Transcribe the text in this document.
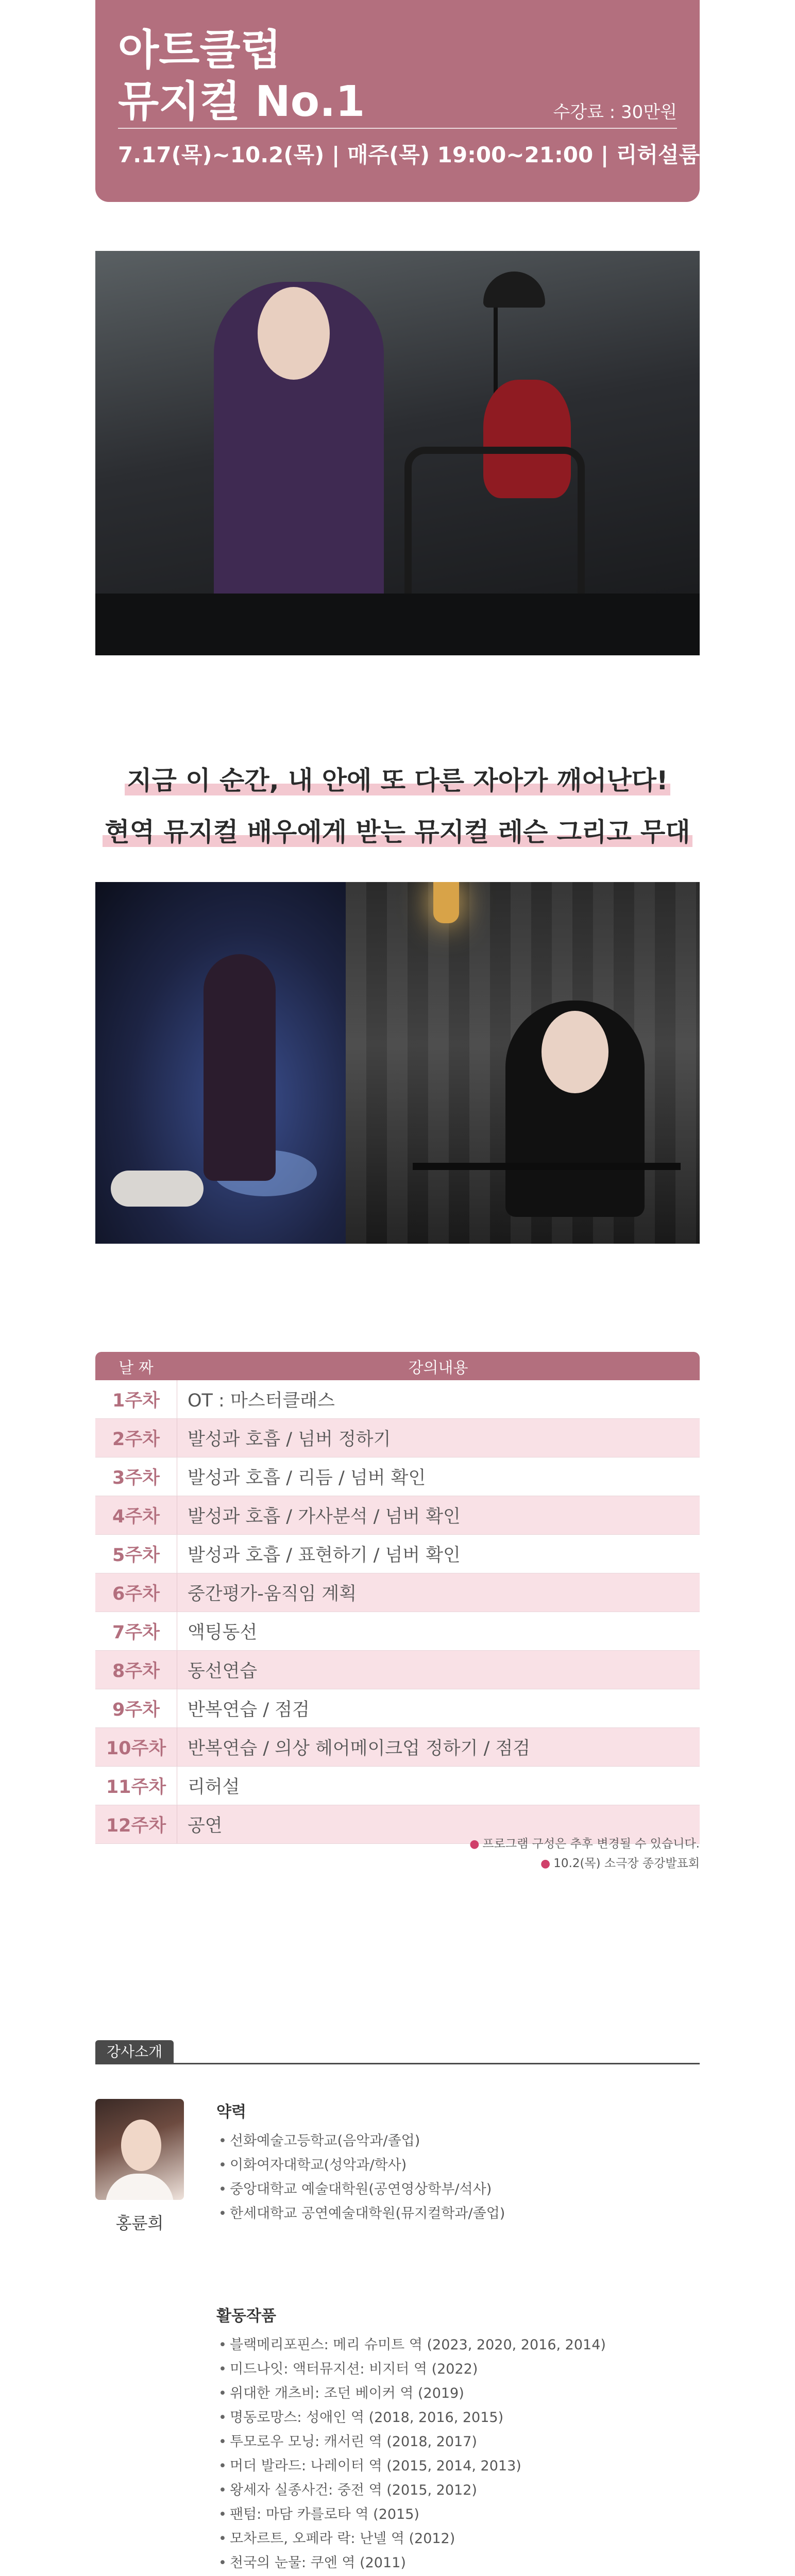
아트클럽
뮤지컬 No.1	수강료 : 30만원
7.17(목)~10.2(목) | 매주(목) 19:00~21:00 | 리허설룸 1
지금 이 순간, 내 안에 또 다른 자아가 깨어난다!
현역 뮤지컬 배우에게 받는 뮤지컬 레슨 그리고 무대
날 짜	강의내용
1주차	OT : 마스터클래스
2주차	발성과 호흡 / 넘버 정하기
3주차	발성과 호흡 / 리듬 / 넘버 확인
4주차	발성과 호흡 / 가사분석 / 넘버 확인
5주차	발성과 호흡 / 표현하기 / 넘버 확인
6주차	중간평가-움직임 계획
7주차	액팅동선
8주차	동선연습
9주차	반복연습 / 점검
10주차	반복연습 / 의상 헤어메이크업 정하기 / 점검
11주차	리허설
12주차	공연
● 프로그램 구성은 추후 변경될 수 있습니다.
● 10.2(목) 소극장 종강발표회
강사소개
홍륜희
약력
• 선화예술고등학교(음악과/졸업)
• 이화여자대학교(성악과/학사)
• 중앙대학교 예술대학원(공연영상학부/석사)
• 한세대학교 공연예술대학원(뮤지컬학과/졸업)
활동작품
• 블랙메리포핀스: 메리 슈미트 역 (2023, 2020, 2016, 2014)
• 미드나잇: 액터뮤지션: 비지터 역 (2022)
• 위대한 개츠비: 조던 베이커 역 (2019)
• 명동로망스: 성애인 역 (2018, 2016, 2015)
• 투모로우 모닝: 캐서린 역 (2018, 2017)
• 머더 발라드: 나레이터 역 (2015, 2014, 2013)
• 왕세자 실종사건: 중전 역 (2015, 2012)
• 팬텀: 마담 카를로타 역 (2015)
• 모차르트, 오페라 락: 난넬 역 (2012)
• 천국의 눈물: 쿠엔 역 (2011)
